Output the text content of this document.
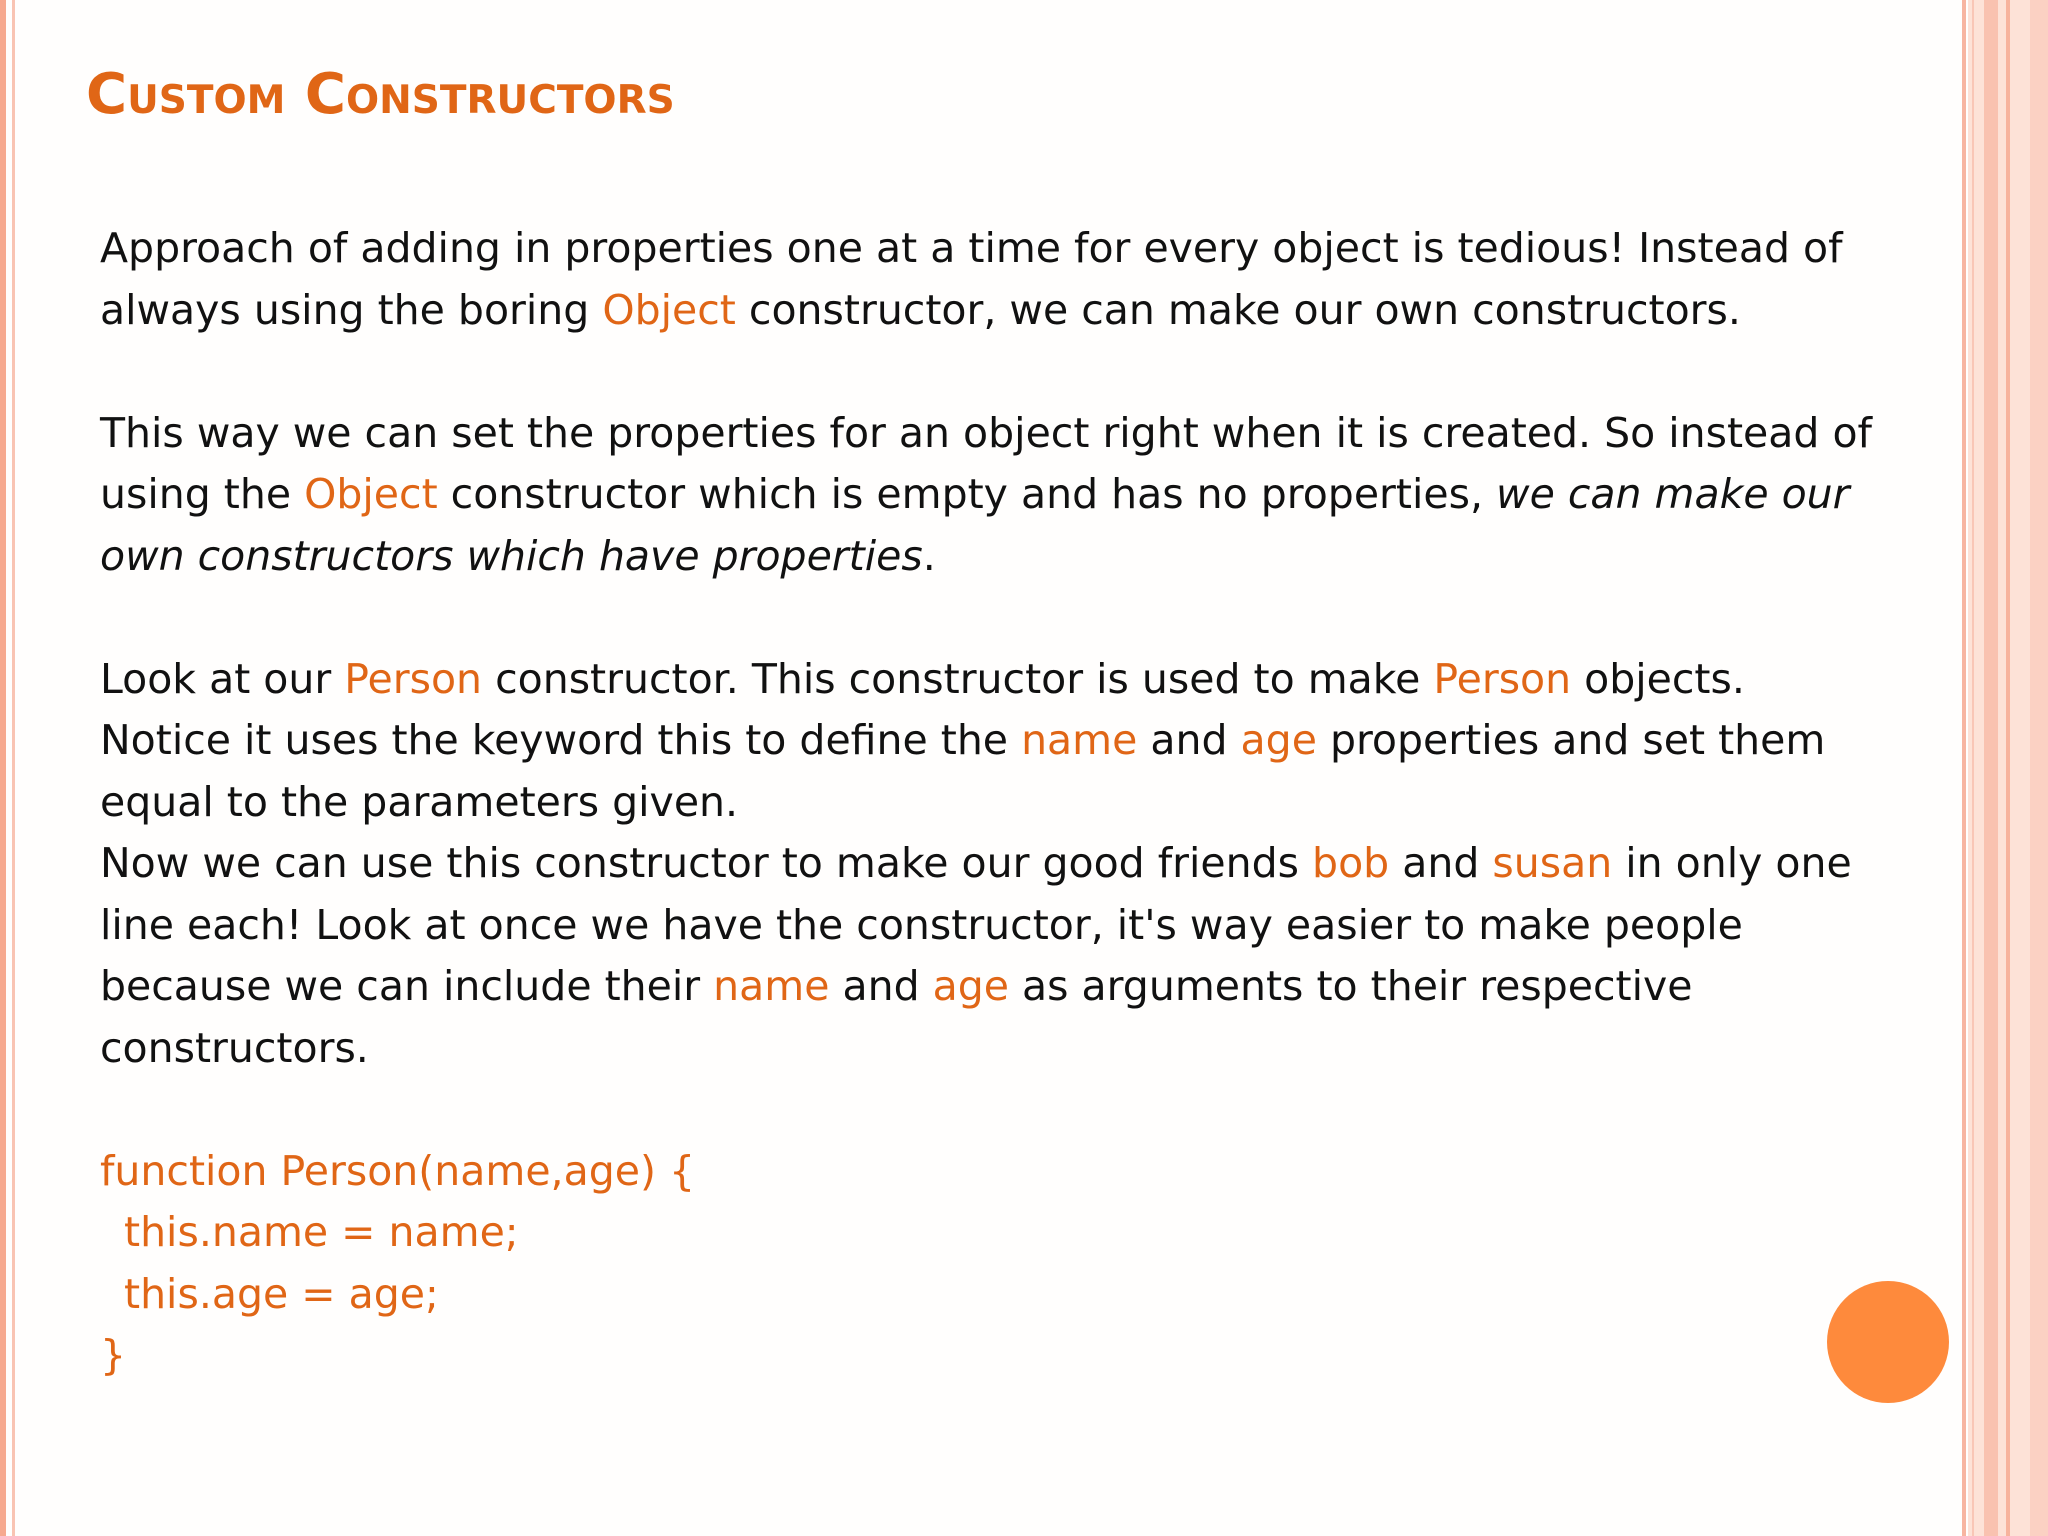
Custom Constructors

Approach of adding in properties one at a time for every object is tedious! Instead of

always using the boring Object constructor, we can make our own constructors.

This way we can set the properties for an object right when it is created. So instead of

using the Object constructor which is empty and has no properties, we can make our

own constructors which have properties.

Look at our Person constructor. This constructor is used to make Person objects.

Notice it uses the keyword this to define the name and age properties and set them

equal to the parameters given.

Now we can use this constructor to make our good friends bob and susan in only one

line each! Look at once we have the constructor, it's way easier to make people

because we can include their name and age as arguments to their respective

constructors.

function Person(name,age) {

this.name = name;

this.age = age;

}
